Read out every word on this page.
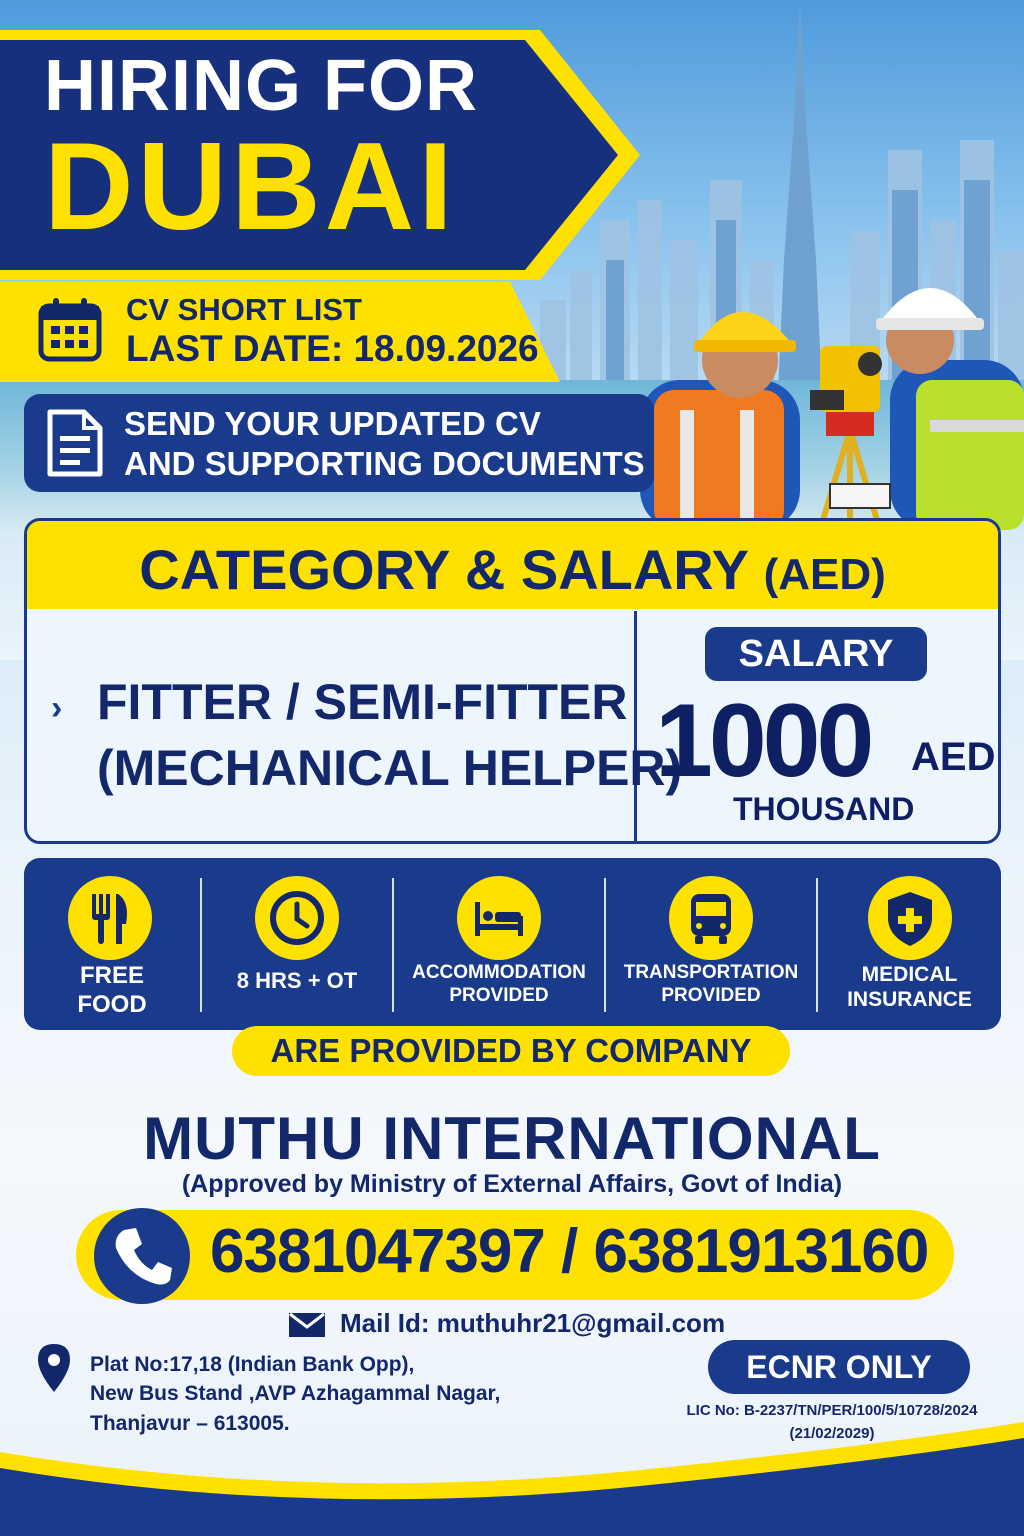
HIRING FOR
DUBAI
CV SHORT LIST
LAST DATE: 18.09.2026
SEND YOUR UPDATED CV
AND SUPPORTING DOCUMENTS
CATEGORY & SALARY (AED)
› FITTER / SEMI-FITTER
(MECHANICAL HELPER)
SALARY
1000 AED
THOUSAND
FREE
FOOD
8 HRS + OT	ACCOMMODATION
PROVIDED
TRANSPORTATION
PROVIDED
MEDICAL
INSURANCE
ARE PROVIDED BY COMPANY
MUTHU INTERNATIONAL
(Approved by Ministry of External Affairs, Govt of India)
6381047397 / 6381913160
Mail Id: muthuhr21@gmail.com
Plat No:17,18 (Indian Bank Opp),
New Bus Stand ,AVP Azhagammal Nagar,
Thanjavur – 613005.
ECNR ONLY
LIC No: B-2237/TN/PER/100/5/10728/2024
(21/02/2029)
